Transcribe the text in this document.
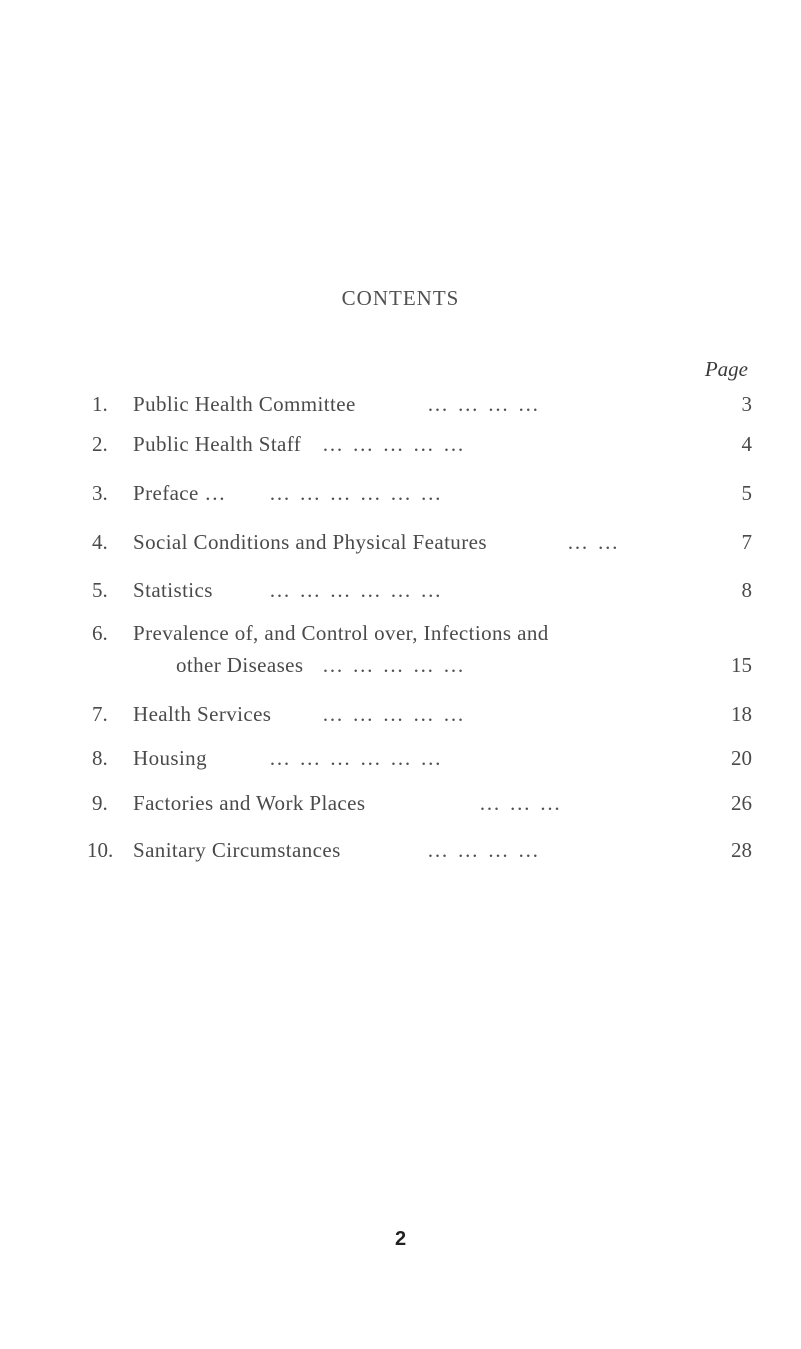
CONTENTS
Page
1.	Public Health Committee	… … … …	3
2.	Public Health Staff … … … … …	4
3.	Preface … … … … … … …	5
4.	Social Conditions and Physical Features	… …	7
5.	Statistics	… … … … … …	8
6.	Prevalence of, and Control over, Infections and
other Diseases … … … … …	15
7.	Health Services … … … … …	18
8.	Housing	… … … … … …	20
9.	Factories and Work Places	… … …	26
10. Sanitary Circumstances	… … … …	28
2
